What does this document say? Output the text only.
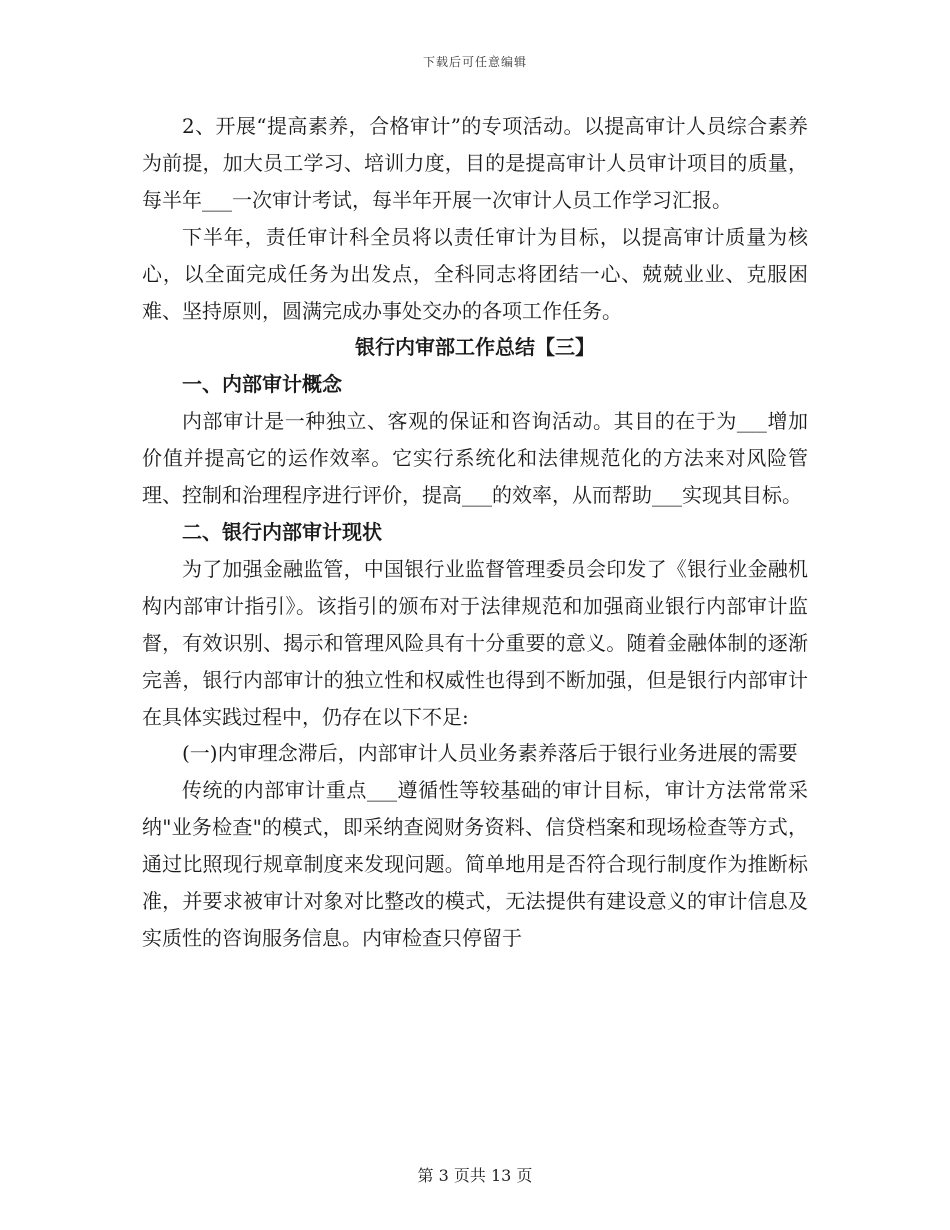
下载后可任意编辑

2、开展“提高素养，合格审计”的专项活动。以提高审计人员综合素养为前提，加大员工学习、培训力度，目的是提高审计人员审计项目的质量，每半年___一次审计考试，每半年开展一次审计人员工作学习汇报。

下半年，责任审计科全员将以责任审计为目标，以提高审计质量为核心，以全面完成任务为出发点，全科同志将团结一心、兢兢业业、克服困难、坚持原则，圆满完成办事处交办的各项工作任务。

银行内审部工作总结【三】

一、内部审计概念

内部审计是一种独立、客观的保证和咨询活动。其目的在于为___增加价值并提高它的运作效率。它实行系统化和法律规范化的方法来对风险管理、控制和治理程序进行评价，提高___的效率，从而帮助___实现其目标。

二、银行内部审计现状

为了加强金融监管，中国银行业监督管理委员会印发了《银行业金融机构内部审计指引》。该指引的颁布对于法律规范和加强商业银行内部审计监督，有效识别、揭示和管理风险具有十分重要的意义。随着金融体制的逐渐完善，银行内部审计的独立性和权威性也得到不断加强，但是银行内部审计在具体实践过程中，仍存在以下不足:

(一)内审理念滞后，内部审计人员业务素养落后于银行业务进展的需要

传统的内部审计重点___遵循性等较基础的审计目标，审计方法常常采纳"业务检查"的模式，即采纳查阅财务资料、信贷档案和现场检查等方式，通过比照现行规章制度来发现问题。简单地用是否符合现行制度作为推断标准，并要求被审计对象对比整改的模式，无法提供有建设意义的审计信息及实质性的咨询服务信息。内审检查只停留于

第 3 页共 13 页
